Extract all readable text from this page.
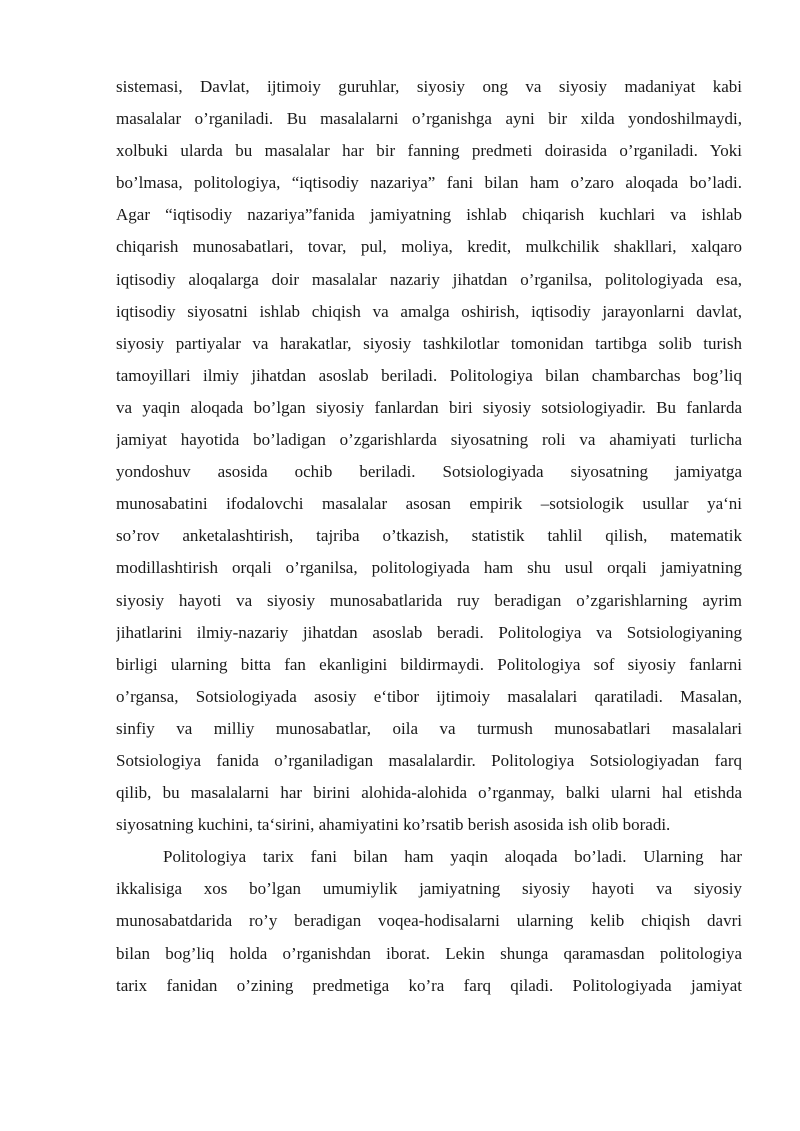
sistemasi, Davlat, ijtimoiy guruhlar, siyosiy ong va siyosiy madaniyat kabi
masalalar o’rganiladi. Bu masalalarni o’rganishga ayni bir xilda yondoshilmaydi,
xolbuki ularda bu masalalar har bir fanning predmeti doirasida o’rganiladi. Yoki
bo’lmasa, politologiya, “iqtisodiy nazariya” fani bilan ham o’zaro aloqada bo’ladi.
Agar “iqtisodiy nazariya”fanida jamiyatning ishlab chiqarish kuchlari va ishlab
chiqarish munosabatlari, tovar, pul, moliya, kredit, mulkchilik shakllari, xalqaro
iqtisodiy aloqalarga doir masalalar nazariy jihatdan o’rganilsa, politologiyada esa,
iqtisodiy siyosatni ishlab chiqish va amalga oshirish, iqtisodiy jarayonlarni davlat,
siyosiy partiyalar va harakatlar, siyosiy tashkilotlar tomonidan tartibga solib turish
tamoyillari ilmiy jihatdan asoslab beriladi. Politologiya bilan chambarchas bog’liq
va yaqin aloqada bo’lgan siyosiy fanlardan biri siyosiy sotsiologiyadir. Bu fanlarda
jamiyat hayotida bo’ladigan o’zgarishlarda siyosatning roli va ahamiyati turlicha
yondoshuv asosida ochib beriladi. Sotsiologiyada siyosatning jamiyatga
munosabatini ifodalovchi masalalar asosan empirik –sotsiologik usullar ya‘ni
so’rov anketalashtirish, tajriba o’tkazish, statistik tahlil qilish, matematik
modillashtirish orqali o’rganilsa, politologiyada ham shu usul orqali jamiyatning
siyosiy hayoti va siyosiy munosabatlarida ruy beradigan o’zgarishlarning ayrim
jihatlarini ilmiy-nazariy jihatdan asoslab beradi. Politologiya va Sotsiologiyaning
birligi ularning bitta fan ekanligini bildirmaydi. Politologiya sof siyosiy fanlarni
o’rgansa, Sotsiologiyada asosiy e‘tibor ijtimoiy masalalari qaratiladi. Masalan,
sinfiy va milliy munosabatlar, oila va turmush munosabatlari masalalari
Sotsiologiya fanida o’rganiladigan masalalardir. Politologiya Sotsiologiyadan farq
qilib, bu masalalarni har birini alohida-alohida o’rganmay, balki ularni hal etishda
siyosatning kuchini, ta‘sirini, ahamiyatini ko’rsatib berish asosida ish olib boradi.
Politologiya tarix fani bilan ham yaqin aloqada bo’ladi. Ularning har
ikkalisiga xos bo’lgan umumiylik jamiyatning siyosiy hayoti va siyosiy
munosabatdarida ro’y beradigan voqea-hodisalarni ularning kelib chiqish davri
bilan bog’liq holda o’rganishdan iborat. Lekin shunga qaramasdan politologiya
tarix fanidan o’zining predmetiga ko’ra farq qiladi. Politologiyada jamiyat
